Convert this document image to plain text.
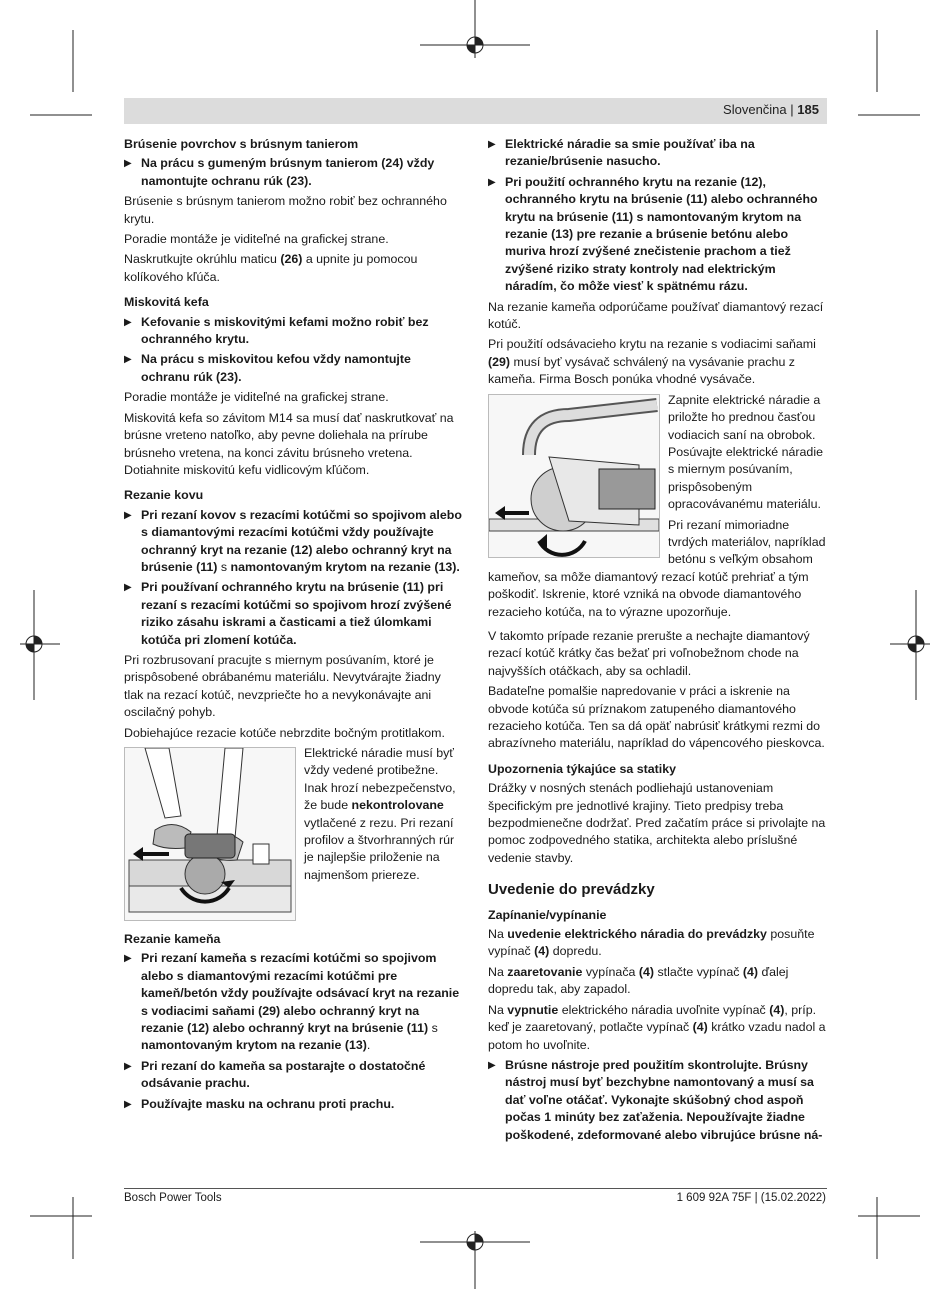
Slovenčina | 185
Brúsenie povrchov s brúsnym tanierom
▶ Na prácu s gumeným brúsnym tanierom (24) vždy namontujte ochranu rúk (23).

Brúsenie s brúsnym tanierom možno robiť bez ochranného krytu.

Poradie montáže je viditeľné na grafickej strane.

Naskrutkujte okrúhlu maticu (26) a upnite ju pomocou kolíkového kľúča.

Miskovitá kefa
▶ Kefovanie s miskovitými kefami možno robiť bez ochranného krytu.
▶ Na prácu s miskovitou kefou vždy namontujte ochranu rúk (23).

Poradie montáže je viditeľné na grafickej strane.

Miskovitá kefa so závitom M14 sa musí dať naskrutkovať na brúsne vreteno natoľko, aby pevne doliehala na prírube brúsneho vretena, na konci závitu brúsneho vretena. Dotiahnite miskovitú kefu vidlicovým kľúčom.

Rezanie kovu
▶ Pri rezaní kovov s rezacími kotúčmi so spojivom alebo s diamantovými rezacími kotúčmi vždy používajte ochranný kryt na rezanie (12) alebo ochranný kryt na brúsenie (11) s namontovaným krytom na rezanie (13).
▶ Pri používaní ochranného krytu na brúsenie (11) pri rezaní s rezacími kotúčmi so spojivom hrozí zvýšené riziko zásahu iskrami a časticami a tiež úlomkami kotúča pri zlomení kotúča.

Pri rozbrusovaní pracujte s miernym posúvaním, ktoré je prispôsobené obrábanému materiálu. Nevytvárajte žiadny tlak na rezací kotúč, nevzpriečte ho a nevykonávajte ani oscilačný pohyb.

Dobiehajúce rezacie kotúče nebrzdite bočným protitlakom.

Elektrické náradie musí byť vždy vedené protibežne. Inak hrozí nebezpečenstvo, že bude nekontrolovane vytlačené z rezu. Pri rezaní profilov a štvorhranných rúr je najlepšie priloženie na najmenšom priereze.

Rezanie kameňa
▶ Pri rezaní kameňa s rezacími kotúčmi so spojivom alebo s diamantovými rezacími kotúčmi pre kameň/betón vždy používajte odsávací kryt na rezanie s vodiacimi saňami (29) alebo ochranný kryt na rezanie (12) alebo ochranný kryt na brúsenie (11) s namontovaným krytom na rezanie (13).
▶ Pri rezaní do kameňa sa postarajte o dostatočné odsávanie prachu.
▶ Používajte masku na ochranu proti prachu.
▶ Elektrické náradie sa smie používať iba na rezanie/brúsenie nasucho.
▶ Pri použití ochranného krytu na rezanie (12), ochranného krytu na brúsenie (11) alebo ochranného krytu na brúsenie (11) s namontovaným krytom na rezanie (13) pre rezanie a brúsenie betónu alebo muriva hrozí zvýšené znečistenie prachom a tiež zvýšené riziko straty kontroly nad elektrickým náradím, čo môže viesť k spätnému rázu.

Na rezanie kameňa odporúčame používať diamantový rezací kotúč.

Pri použití odsávacieho krytu na rezanie s vodiacimi saňami (29) musí byť vysávač schválený na vysávanie prachu z kameňa. Firma Bosch ponúka vhodné vysávače.

Zapnite elektrické náradie a priložte ho prednou časťou vodiacich saní na obrobok. Posúvajte elektrické náradie s miernym posúvaním, prispôsobeným opracovávanému materiálu.

Pri rezaní mimoriadne tvrdých materiálov, napríklad betónu s veľkým obsahom kameňov, sa môže diamantový rezací kotúč prehriať a tým poškodiť. Iskrenie, ktoré vzniká na obvode diamantového rezacieho kotúča, na to výrazne upozorňuje.

V takomto prípade rezanie prerušte a nechajte diamantový rezací kotúč krátky čas bežať pri voľnobežnom chode na najvyšších otáčkach, aby sa ochladil.

Badateľne pomalšie napredovanie v práci a iskrenie na obvode kotúča sú príznakom zatupeného diamantového rezacieho kotúča. Ten sa dá opäť nabrúsiť krátkymi rezmi do abrazívneho materiálu, napríklad do vápencového pieskovca.

Upozornenia týkajúce sa statiky

Drážky v nosných stenách podliehajú ustanoveniam špecifickým pre jednotlivé krajiny. Tieto predpisy treba bezpodmienečne dodržať. Pred začatím práce si privolajte na pomoc zodpovedného statika, architekta alebo príslušné vedenie stavby.

Uvedenie do prevádzky
Zapínanie/vypínanie

Na uvedenie elektrického náradia do prevádzky posuňte vypínač (4) dopredu.

Na zaaretovanie vypínača (4) stlačte vypínač (4) ďalej dopredu tak, aby zapadol.

Na vypnutie elektrického náradia uvoľnite vypínač (4), príp. keď je zaaretovaný, potlačte vypínač (4) krátko vzadu nadol a potom ho uvoľnite.

▶ Brúsne nástroje pred použitím skontrolujte. Brúsny nástroj musí byť bezchybne namontovaný a musí sa dať voľne otáčať. Vykonajte skúšobný chod aspoň počas 1 minúty bez zaťaženia. Nepoužívajte žiadne poškodené, zdeformované alebo vibrujúce brúsne ná-
Bosch Power Tools	1 609 92A 75F | (15.02.2022)
